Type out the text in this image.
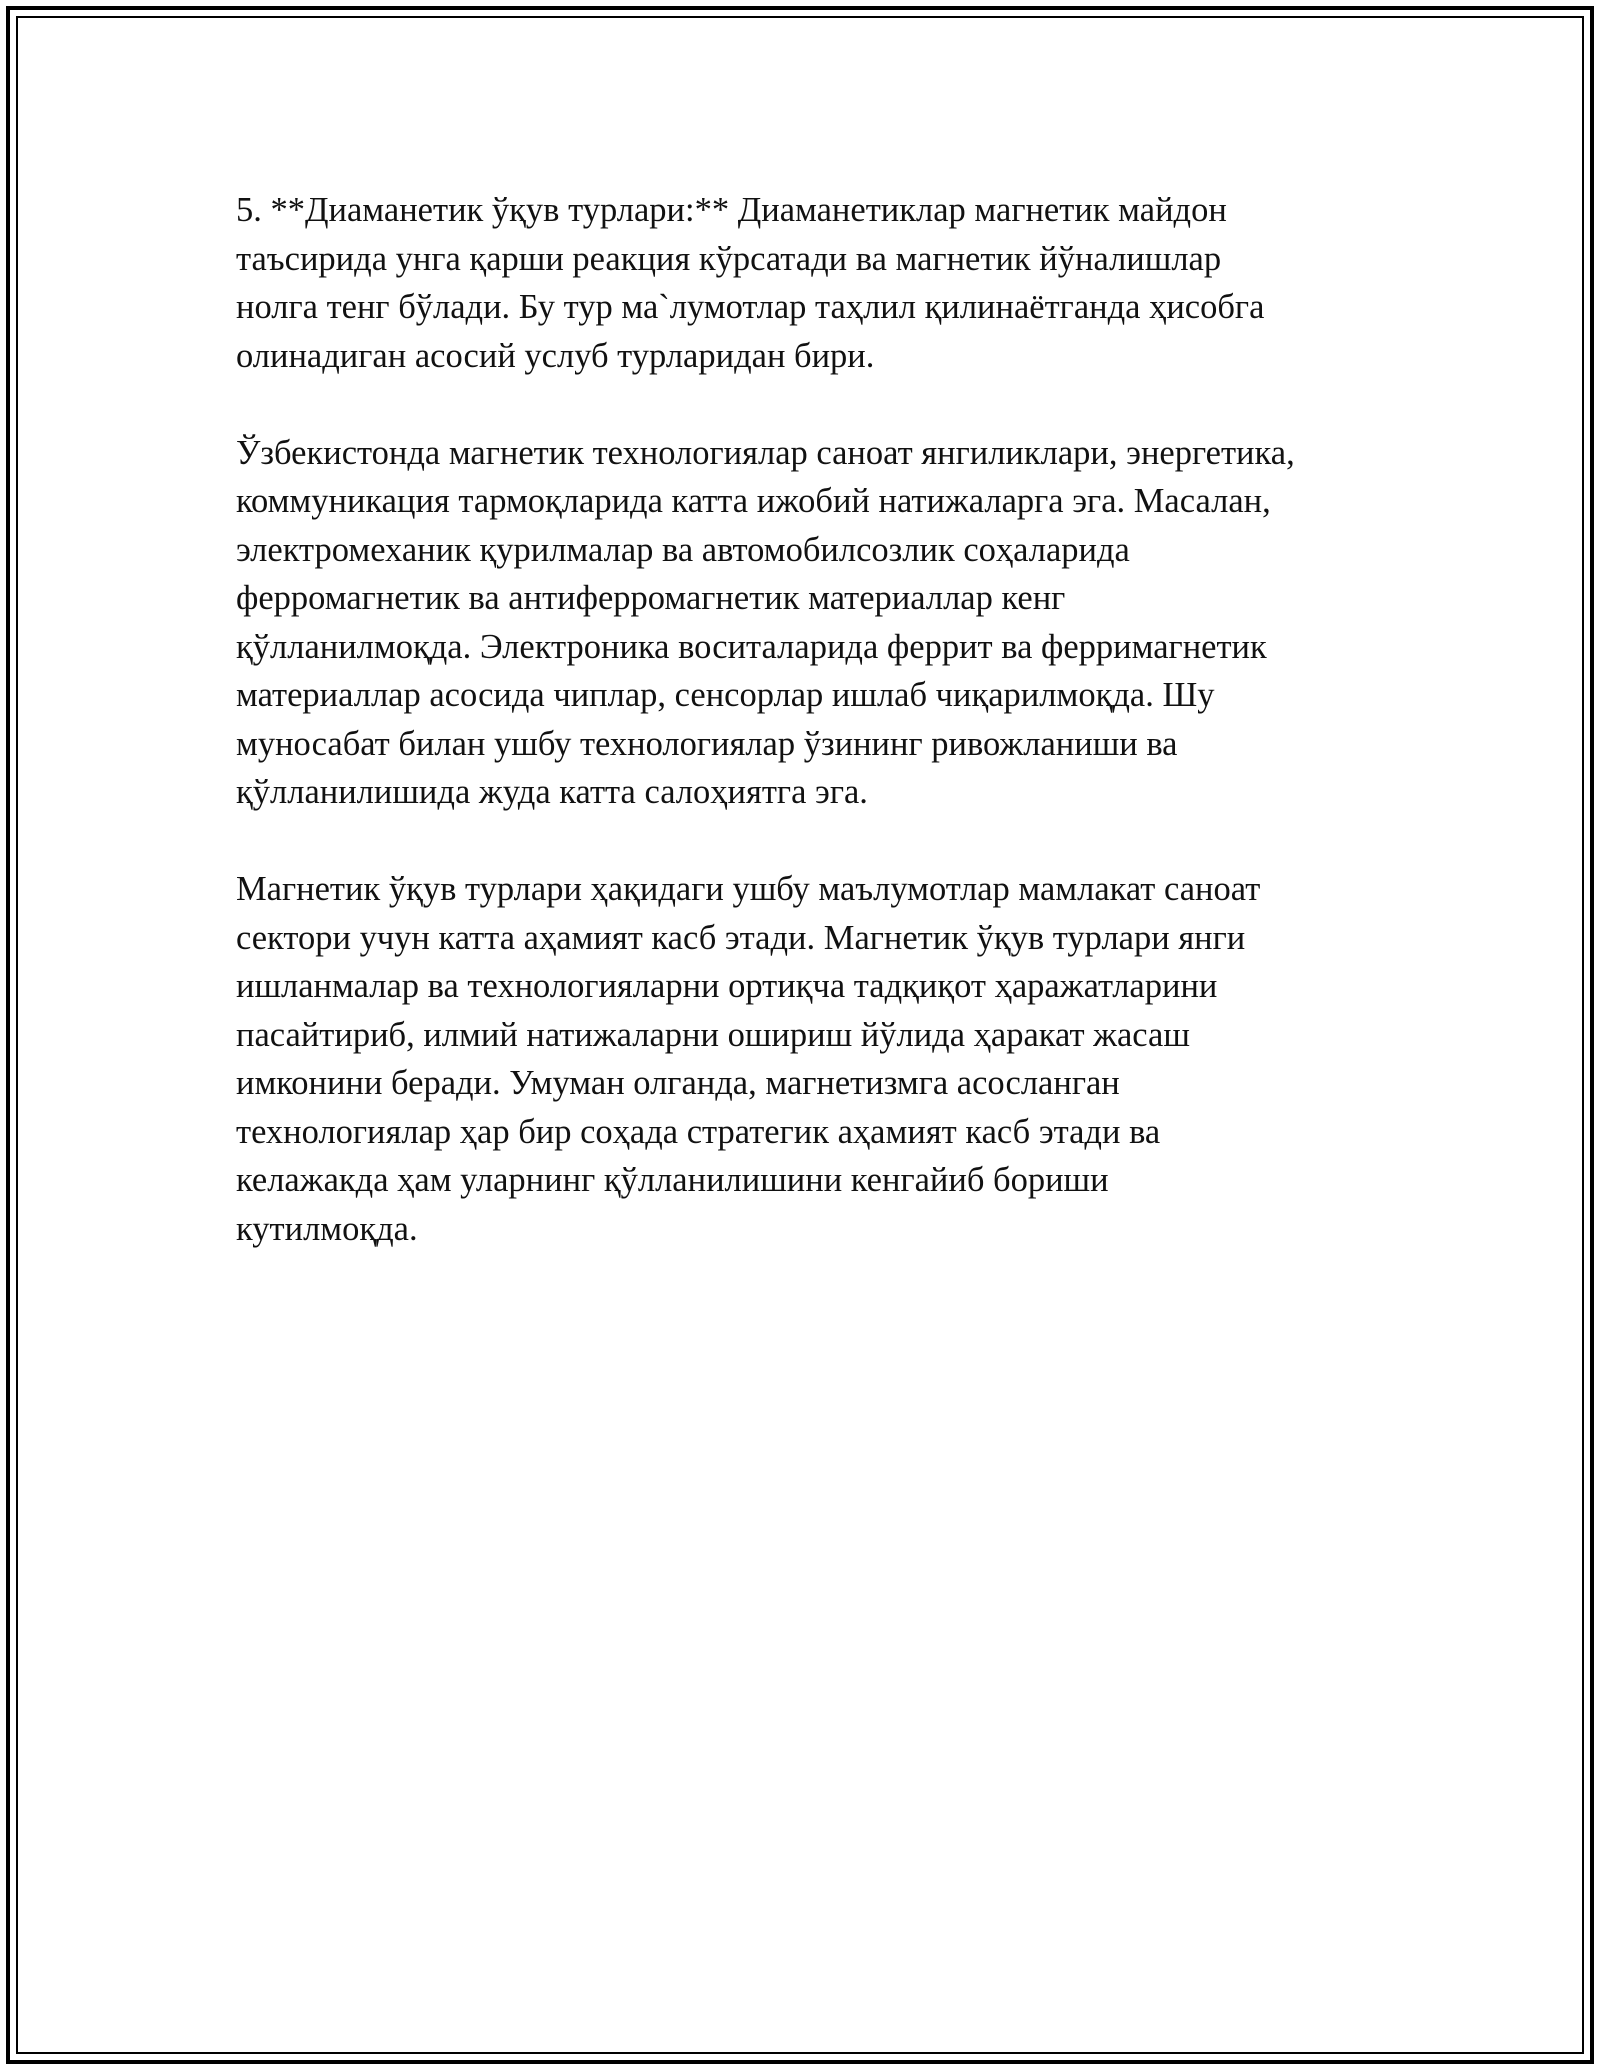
5. **Диаманетик ўқув турлари:** Диаманетиклар магнетик майдон
таъсирида унга қарши реакция кўрсатади ва магнетик йўналишлар
нолга тенг бўлади. Бу тур ма`лумотлар таҳлил қилинаётганда ҳисобга
олинадиган асосий услуб турларидан бири.

Ўзбекистонда магнетик технологиялар саноат янгиликлари, энергетика,
коммуникация тармоқларида катта ижобий натижаларга эга. Масалан,
электромеханик қурилмалар ва автомобилсозлик соҳаларида
ферромагнетик ва антиферромагнетик материаллар кенг
қўлланилмоқда. Электроника воситаларида феррит ва ферримагнетик
материаллар асосида чиплар, сенсорлар ишлаб чиқарилмоқда. Шу
муносабат билан ушбу технологиялар ўзининг ривожланиши ва
қўлланилишида жуда катта салоҳиятга эга.

Магнетик ўқув турлари ҳақидаги ушбу маълумотлар мамлакат саноат
сектори учун катта аҳамият касб этади. Магнетик ўқув турлари янги
ишланмалар ва технологияларни ортиқча тадқиқот ҳаражатларини
пасайтириб, илмий натижаларни ошириш йўлида ҳаракат жасаш
имконини беради. Умуман олганда, магнетизмга асосланган
технологиялар ҳар бир соҳада стратегик аҳамият касб этади ва
келажакда ҳам уларнинг қўлланилишини кенгайиб бориши
кутилмоқда.
